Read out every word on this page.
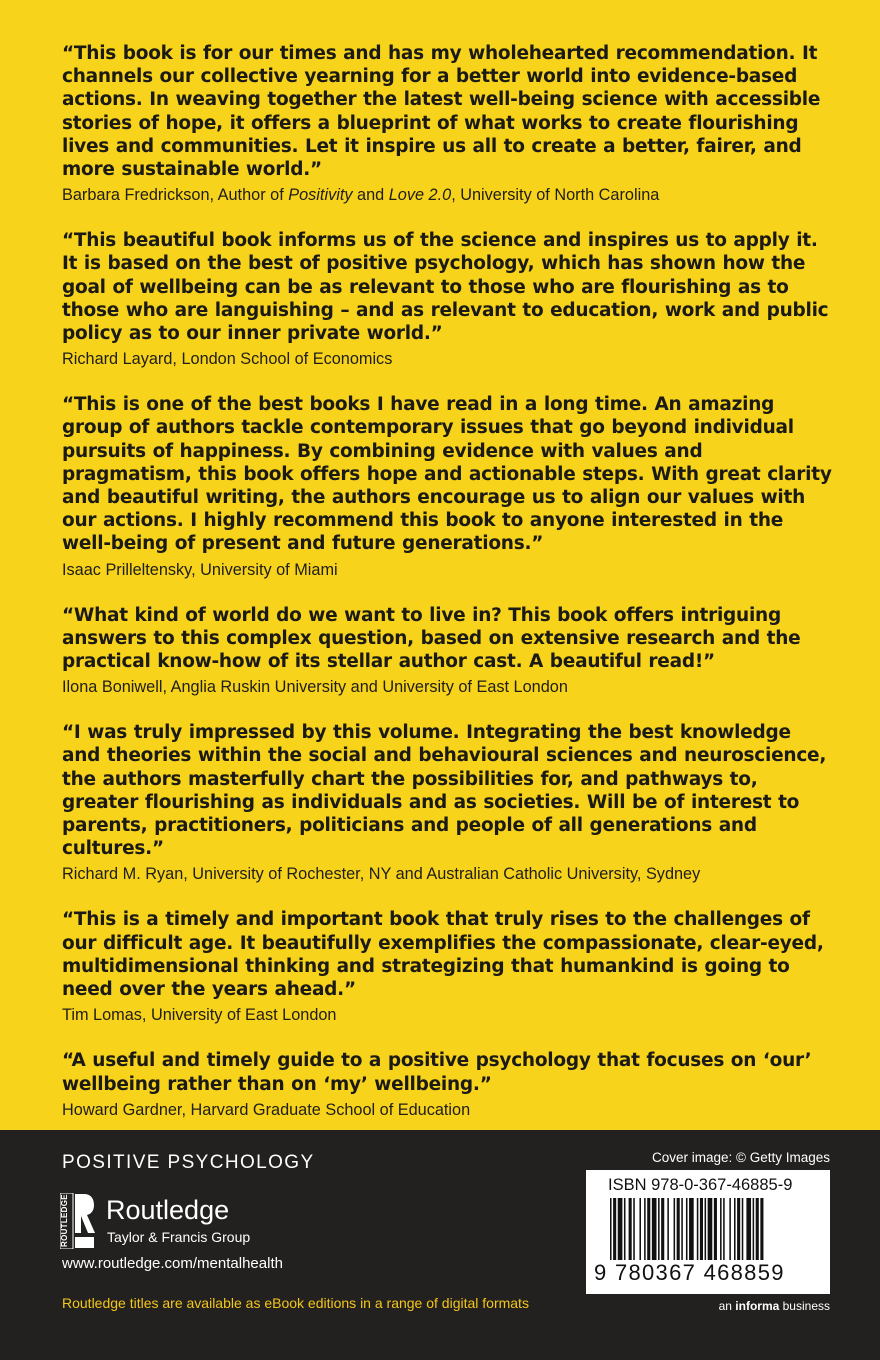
“This book is for our times and has my wholehearted recommendation. It channels our collective yearning for a better world into evidence-based actions. In weaving together the latest well-being science with accessible stories of hope, it offers a blueprint of what works to create flourishing lives and communities. Let it inspire us all to create a better, fairer, and more sustainable world.”

Barbara Fredrickson, Author of Positivity and Love 2.0, University of North Carolina

“This beautiful book informs us of the science and inspires us to apply it. It is based on the best of positive psychology, which has shown how the goal of wellbeing can be as relevant to those who are flourishing as to those who are languishing – and as relevant to education, work and public policy as to our inner private world.”

Richard Layard, London School of Economics

“This is one of the best books I have read in a long time. An amazing group of authors tackle contemporary issues that go beyond individual pursuits of happiness. By combining evidence with values and pragmatism, this book offers hope and actionable steps. With great clarity and beautiful writing, the authors encourage us to align our values with our actions. I highly recommend this book to anyone interested in the well-being of present and future generations.”

Isaac Prilleltensky, University of Miami

“What kind of world do we want to live in? This book offers intriguing answers to this complex question, based on extensive research and the practical know-how of its stellar author cast. A beautiful read!”

Ilona Boniwell, Anglia Ruskin University and University of East London

“I was truly impressed by this volume. Integrating the best knowledge and theories within the social and behavioural sciences and neuroscience, the authors masterfully chart the possibilities for, and pathways to, greater flourishing as individuals and as societies. Will be of interest to parents, practitioners, politicians and people of all generations and cultures.”

Richard M. Ryan, University of Rochester, NY and Australian Catholic University, Sydney

“This is a timely and important book that truly rises to the challenges of our difficult age. It beautifully exemplifies the compassionate, clear-eyed, multidimensional thinking and strategizing that humankind is going to need over the years ahead.”

Tim Lomas, University of East London

“A useful and timely guide to a positive psychology that focuses on ‘our’ wellbeing rather than on ‘my’ wellbeing.”

Howard Gardner, Harvard Graduate School of Education

POSITIVE PSYCHOLOGY
ROUTLEDGE Routledge
Taylor & Francis Group
www.routledge.com/mentalhealth
Routledge titles are available as eBook editions in a range of digital formats
Cover image: © Getty Images
ISBN 978-0-367-46885-9
9 780367 468859
an informa business
